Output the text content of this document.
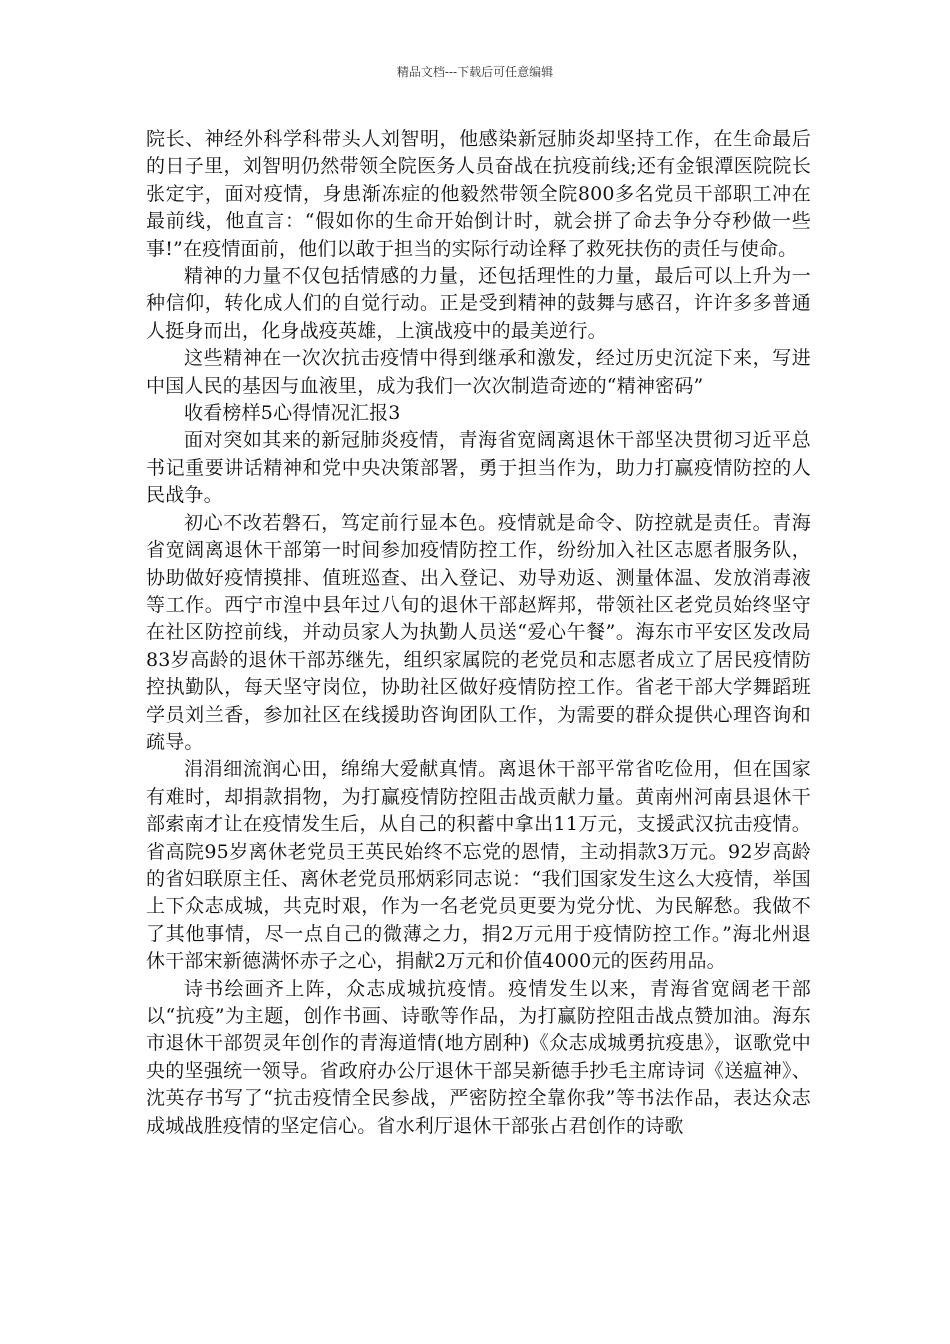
精品文档---下载后可任意编辑

院长、神经外科学科带头人刘智明，他感染新冠肺炎却坚持工作，在生命最后的日子里，刘智明仍然带领全院医务人员奋战在抗疫前线;还有金银潭医院院长张定宇，面对疫情，身患渐冻症的他毅然带领全院800多名党员干部职工冲在最前线，他直言：“假如你的生命开始倒计时，就会拼了命去争分夺秒做一些事!”在疫情面前，他们以敢于担当的实际行动诠释了救死扶伤的责任与使命。

精神的力量不仅包括情感的力量，还包括理性的力量，最后可以上升为一种信仰，转化成人们的自觉行动。正是受到精神的鼓舞与感召，许许多多普通人挺身而出，化身战疫英雄，上演战疫中的最美逆行。

这些精神在一次次抗击疫情中得到继承和激发，经过历史沉淀下来，写进中国人民的基因与血液里，成为我们一次次制造奇迹的“精神密码”

收看榜样5心得情况汇报3

面对突如其来的新冠肺炎疫情，青海省宽阔离退休干部坚决贯彻习近平总书记重要讲话精神和党中央决策部署，勇于担当作为，助力打赢疫情防控的人民战争。

初心不改若磐石，笃定前行显本色。疫情就是命令、防控就是责任。青海省宽阔离退休干部第一时间参加疫情防控工作，纷纷加入社区志愿者服务队，协助做好疫情摸排、值班巡查、出入登记、劝导劝返、测量体温、发放消毒液等工作。西宁市湟中县年过八旬的退休干部赵辉邦，带领社区老党员始终坚守在社区防控前线，并动员家人为执勤人员送“爱心午餐”。海东市平安区发改局83岁高龄的退休干部苏继先，组织家属院的老党员和志愿者成立了居民疫情防控执勤队，每天坚守岗位，协助社区做好疫情防控工作。省老干部大学舞蹈班学员刘兰香，参加社区在线援助咨询团队工作，为需要的群众提供心理咨询和疏导。

涓涓细流润心田，绵绵大爱献真情。离退休干部平常省吃俭用，但在国家有难时，却捐款捐物，为打赢疫情防控阻击战贡献力量。黄南州河南县退休干部索南才让在疫情发生后，从自己的积蓄中拿出11万元，支援武汉抗击疫情。省高院95岁离休老党员王英民始终不忘党的恩情，主动捐款3万元。92岁高龄的省妇联原主任、离休老党员邢炳彩同志说：“我们国家发生这么大疫情，举国上下众志成城，共克时艰，作为一名老党员更要为党分忧、为民解愁。我做不了其他事情，尽一点自己的微薄之力，捐2万元用于疫情防控工作。”海北州退休干部宋新德满怀赤子之心，捐献2万元和价值4000元的医药用品。

诗书绘画齐上阵，众志成城抗疫情。疫情发生以来，青海省宽阔老干部以“抗疫”为主题，创作书画、诗歌等作品，为打赢防控阻击战点赞加油。海东市退休干部贺灵年创作的青海道情(地方剧种)《众志成城勇抗疫患》，讴歌党中央的坚强统一领导。省政府办公厅退休干部吴新德手抄毛主席诗词《送瘟神》、沈英存书写了“抗击疫情全民参战，严密防控全靠你我”等书法作品，表达众志成城战胜疫情的坚定信心。省水利厅退休干部张占君创作的诗歌
